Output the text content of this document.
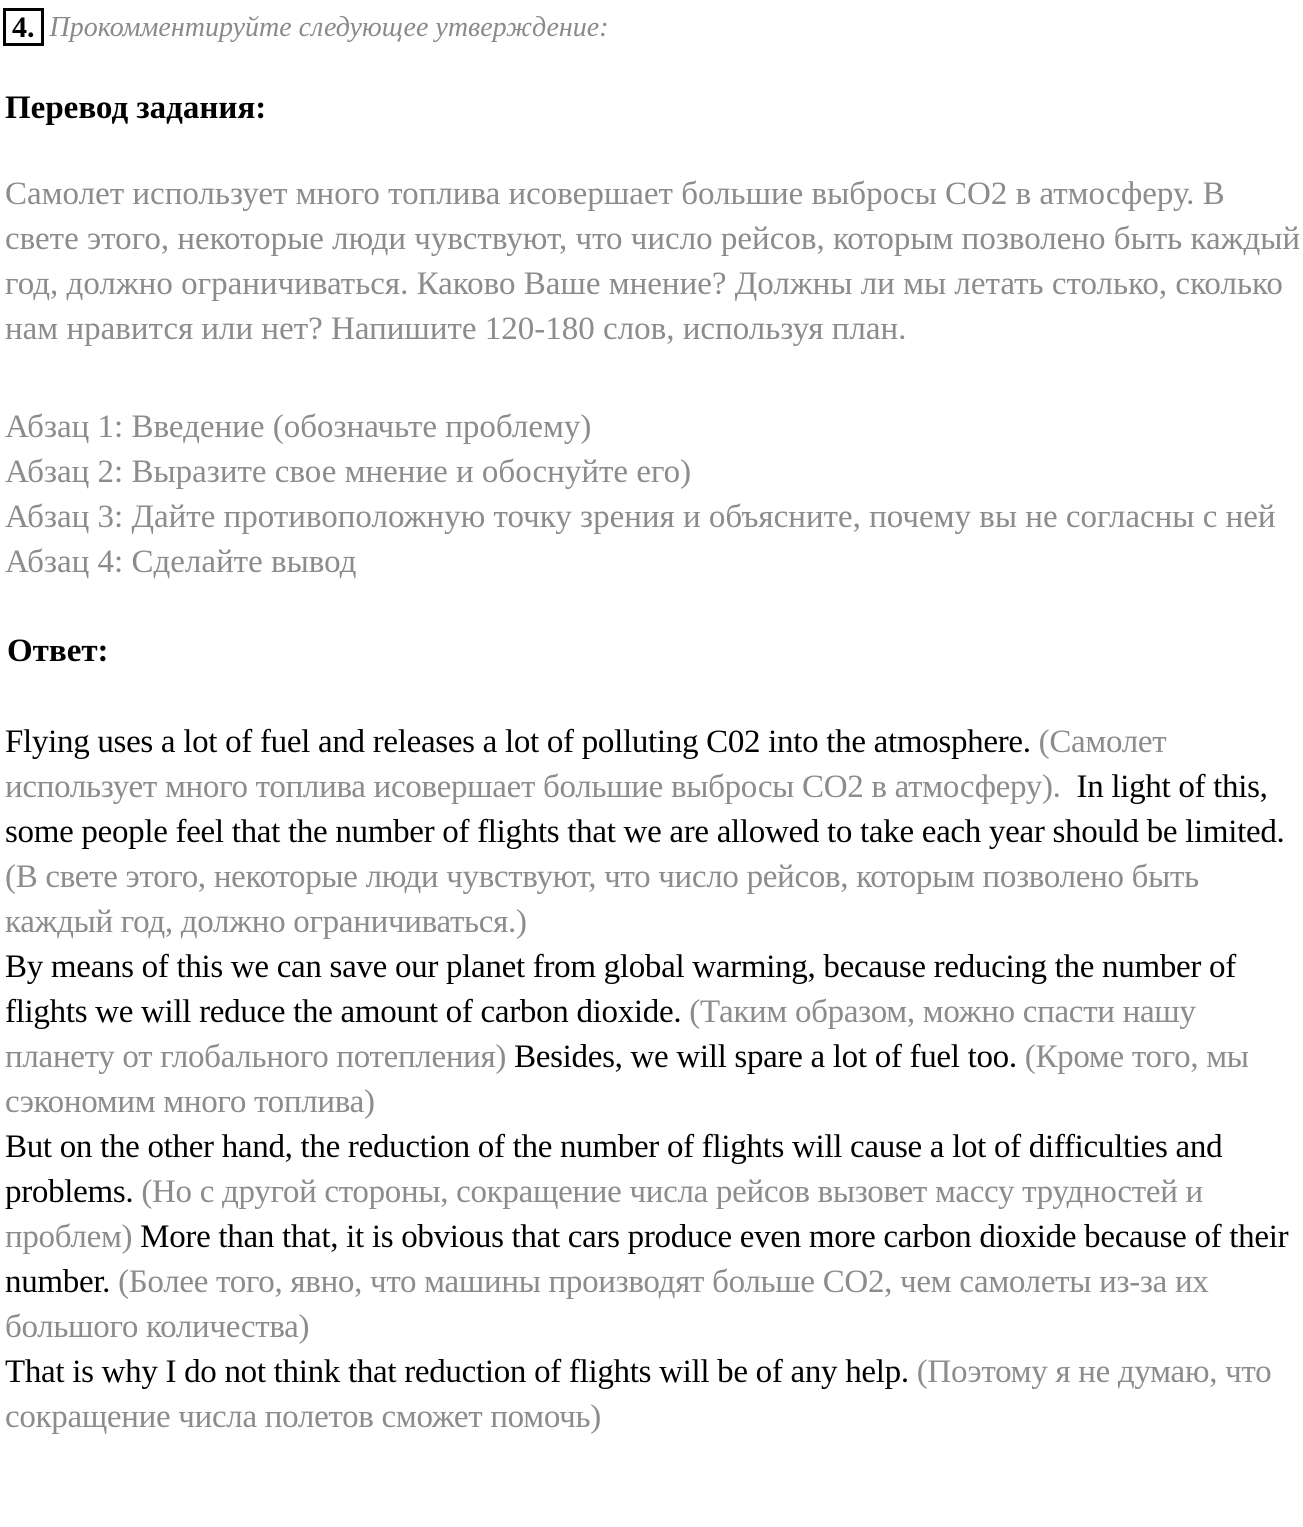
4. Прокомментируйте следующее утверждение:
Перевод задания:
Самолет использует много топлива исовершает большие выбросы CO2 в атмосферу. В свете этого, некоторые люди чувствуют, что число рейсов, которым позволено быть каждый год, должно ограничиваться. Каково Ваше мнение? Должны ли мы летать столько, сколько нам нравится или нет? Напишите 120-180 слов, используя план.
Абзац 1: Введение (обозначьте проблему)
Абзац 2: Выразите свое мнение и обоснуйте его)
Абзац 3: Дайте противоположную точку зрения и объясните, почему вы не согласны с ней
Абзац 4: Сделайте вывод
Ответ:

Flying uses a lot of fuel and releases a lot of polluting C02 into the atmosphere. (Самолет использует много топлива исовершает большие выбросы CO2 в атмосферу). In light of this, some people feel that the number of flights that we are allowed to take each year should be limited. (В свете этого, некоторые люди чувствуют, что число рейсов, которым позволено быть каждый год, должно ограничиваться.)

By means of this we can save our planet from global warming, because reducing the number of flights we will reduce the amount of carbon dioxide. (Таким образом, можно спасти нашу планету от глобального потепления) Besides, we will spare a lot of fuel too. (Кроме того, мы сэкономим много топлива)

But on the other hand, the reduction of the number of flights will cause a lot of difficulties and problems. (Но с другой стороны, сокращение числа рейсов вызовет массу трудностей и проблем) More than that, it is obvious that cars produce even more carbon dioxide because of their number. (Более того, явно, что машины производят больше CO2, чем самолеты из-за их большого количества)

That is why I do not think that reduction of flights will be of any help. (Поэтому я не думаю, что сокращение числа полетов сможет помочь)
